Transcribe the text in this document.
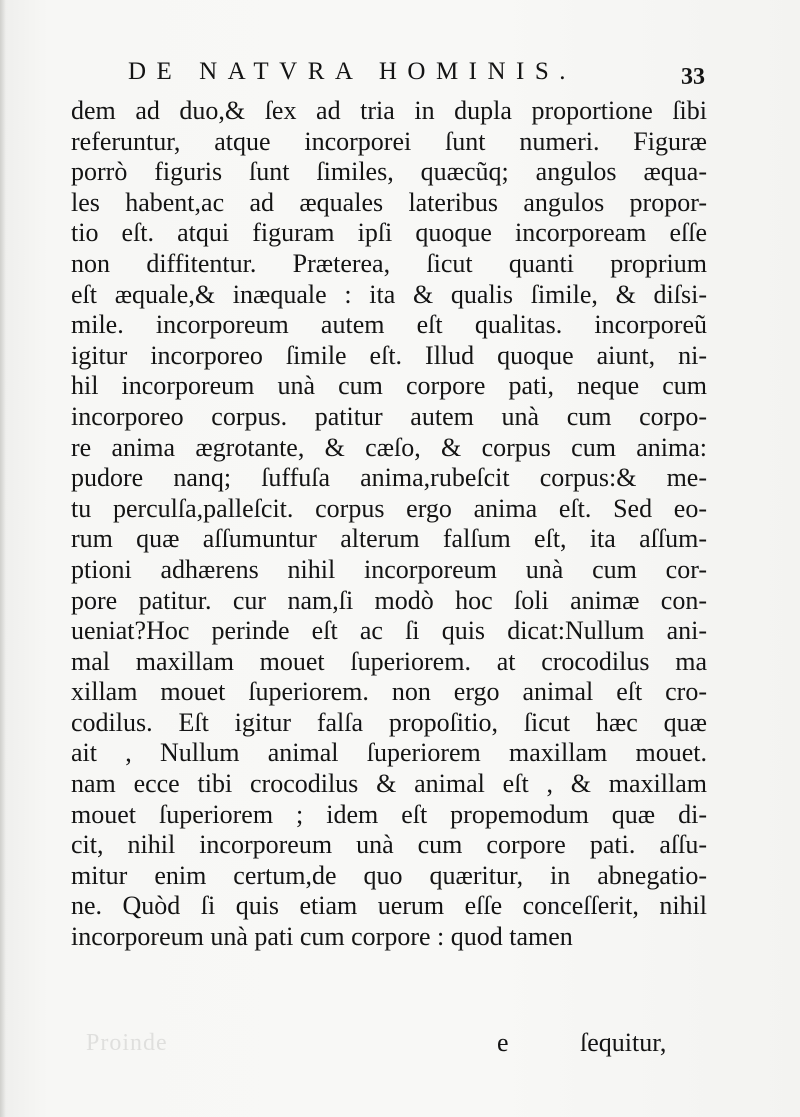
Proinde
DE NATVRA HOMINIS.	33
dem ad duo,& ſex ad tria in dupla proportione ſibi
referuntur, atque incorporei ſunt numeri. Figuræ
porrò figuris ſunt ſimiles, quæcũq; angulos æqua-
les habent,ac ad æquales lateribus angulos propor-
tio eſt. atqui figuram ipſi quoque incorpoream eſſe
non diffitentur. Præterea, ſicut quanti proprium
eſt æquale,& inæquale : ita & qualis ſimile, & diſsi-
mile. incorporeum autem eſt qualitas. incorporeũ
igitur incorporeo ſimile eſt. Illud quoque aiunt, ni-
hil incorporeum unà cum corpore pati, neque cum
incorporeo corpus. patitur autem unà cum corpo-
re anima ægrotante, & cæſo, & corpus cum anima:
pudore nanq; ſuffuſa anima,rubeſcit corpus:& me-
tu perculſa,palleſcit. corpus ergo anima eſt. Sed eo-
rum quæ aſſumuntur alterum falſum eſt, ita aſſum-
ptioni adhærens nihil incorporeum unà cum cor-
pore patitur. cur nam,ſi modò hoc ſoli animæ con-
ueniat?Hoc perinde eſt ac ſi quis dicat:Nullum ani-
mal maxillam mouet ſuperiorem. at crocodilus ma
xillam mouet ſuperiorem. non ergo animal eſt cro-
codilus. Eſt igitur falſa propoſitio, ſicut hæc quæ
ait , Nullum animal ſuperiorem maxillam mouet.
nam ecce tibi crocodilus & animal eſt , & maxillam
mouet ſuperiorem ; idem eſt propemodum quæ di-
cit, nihil incorporeum unà cum corpore pati. aſſu-
mitur enim certum,de quo quæritur, in abnegatio-
ne. Quòd ſi quis etiam uerum eſſe conceſſerit, nihil
incorporeum unà pati cum corpore : quod tamen
e	ſequitur,
